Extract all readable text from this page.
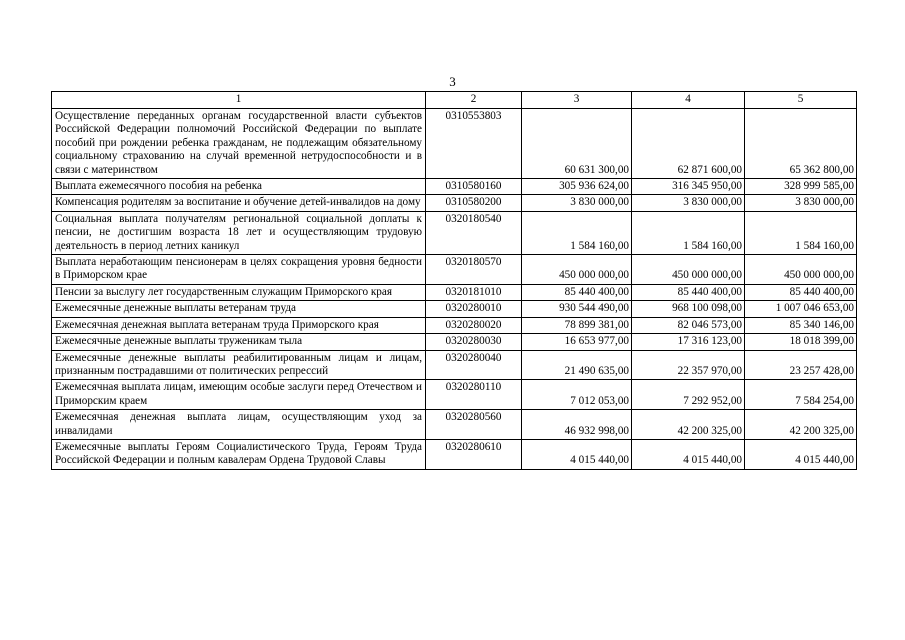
3
1	2	3	4	5
Осуществление переданных органам государственной власти субъектов Российской Федерации полномочий Российской Федерации по выплате пособий при рождении ребенка гражданам, не подлежащим обязательному социальному страхованию на случай временной нетрудоспособности и в связи с материнством	0310553803	60 631 300,00	62 871 600,00	65 362 800,00
Выплата ежемесячного пособия на ребенка	0310580160	305 936 624,00	316 345 950,00	328 999 585,00
Компенсация родителям за воспитание и обучение детей-инвалидов на дому	0310580200	3 830 000,00	3 830 000,00	3 830 000,00
Социальная выплата получателям региональной социальной доплаты к пенсии, не достигшим возраста 18 лет и осуществляющим трудовую деятельность в период летних каникул	0320180540	1 584 160,00	1 584 160,00	1 584 160,00
Выплата неработающим пенсионерам в целях сокращения уровня бедности в Приморском крае	0320180570	450 000 000,00	450 000 000,00	450 000 000,00
Пенсии за выслугу лет государственным служащим Приморского края	0320181010	85 440 400,00	85 440 400,00	85 440 400,00
Ежемесячные денежные выплаты ветеранам труда	0320280010	930 544 490,00	968 100 098,00	1 007 046 653,00
Ежемесячная денежная выплата ветеранам труда Приморского края	0320280020	78 899 381,00	82 046 573,00	85 340 146,00
Ежемесячные денежные выплаты труженикам тыла	0320280030	16 653 977,00	17 316 123,00	18 018 399,00
Ежемесячные денежные выплаты реабилитированным лицам и лицам, признанным пострадавшими от политических репрессий	0320280040	21 490 635,00	22 357 970,00	23 257 428,00
Ежемесячная выплата лицам, имеющим особые заслуги перед Отечеством и Приморским краем	0320280110	7 012 053,00	7 292 952,00	7 584 254,00
Ежемесячная денежная выплата лицам, осуществляющим уход за инвалидами	0320280560	46 932 998,00	42 200 325,00	42 200 325,00
Ежемесячные выплаты Героям Социалистического Труда, Героям Труда Российской Федерации и полным кавалерам Ордена Трудовой Славы	0320280610	4 015 440,00	4 015 440,00	4 015 440,00
